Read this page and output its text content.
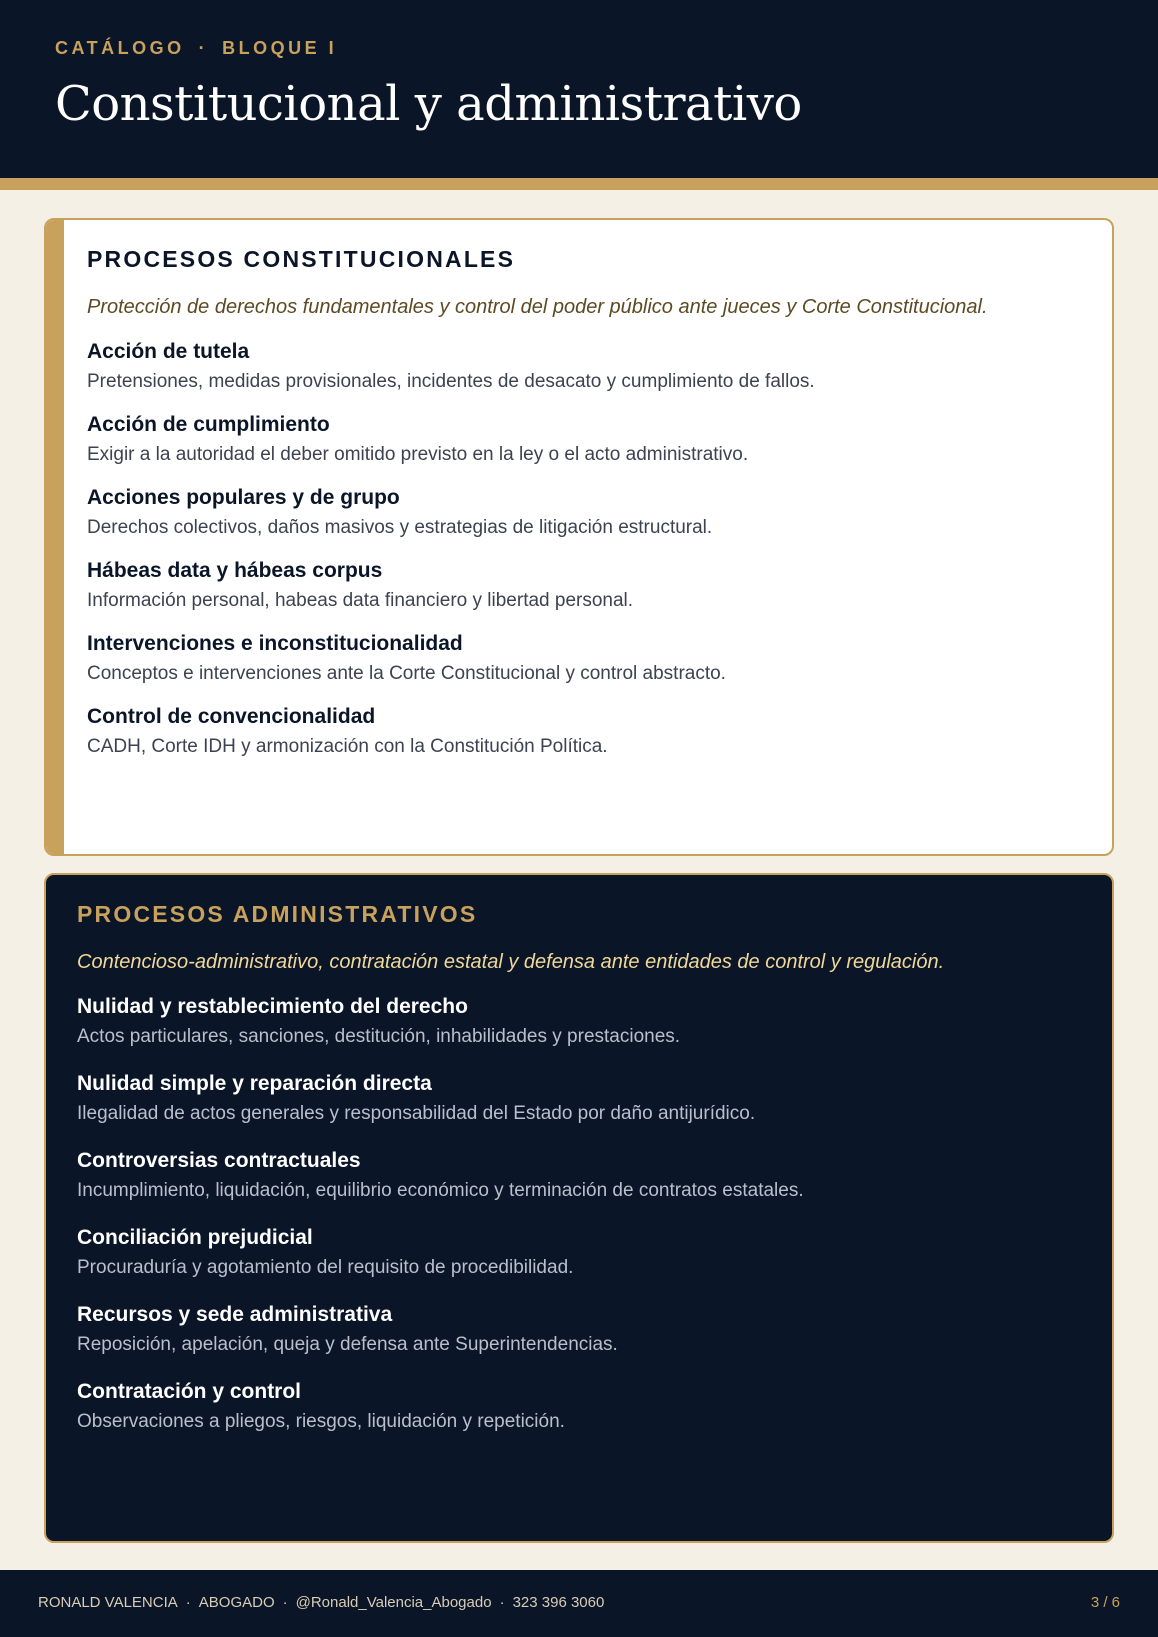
CATÁLOGO · BLOQUE I
Constitucional y administrativo
PROCESOS CONSTITUCIONALES

Protección de derechos fundamentales y control del poder público ante jueces y Corte Constitucional.

Acción de tutela
Pretensiones, medidas provisionales, incidentes de desacato y cumplimiento de fallos.
Acción de cumplimiento
Exigir a la autoridad el deber omitido previsto en la ley o el acto administrativo.
Acciones populares y de grupo
Derechos colectivos, daños masivos y estrategias de litigación estructural.
Hábeas data y hábeas corpus
Información personal, habeas data financiero y libertad personal.
Intervenciones e inconstitucionalidad
Conceptos e intervenciones ante la Corte Constitucional y control abstracto.
Control de convencionalidad
CADH, Corte IDH y armonización con la Constitución Política.
PROCESOS ADMINISTRATIVOS

Contencioso-administrativo, contratación estatal y defensa ante entidades de control y regulación.

Nulidad y restablecimiento del derecho
Actos particulares, sanciones, destitución, inhabilidades y prestaciones.
Nulidad simple y reparación directa
Ilegalidad de actos generales y responsabilidad del Estado por daño antijurídico.
Controversias contractuales
Incumplimiento, liquidación, equilibrio económico y terminación de contratos estatales.
Conciliación prejudicial
Procuraduría y agotamiento del requisito de procedibilidad.
Recursos y sede administrativa
Reposición, apelación, queja y defensa ante Superintendencias.
Contratación y control
Observaciones a pliegos, riesgos, liquidación y repetición.
RONALD VALENCIA · ABOGADO · @Ronald_Valencia_Abogado · 323 396 3060	3 / 6
